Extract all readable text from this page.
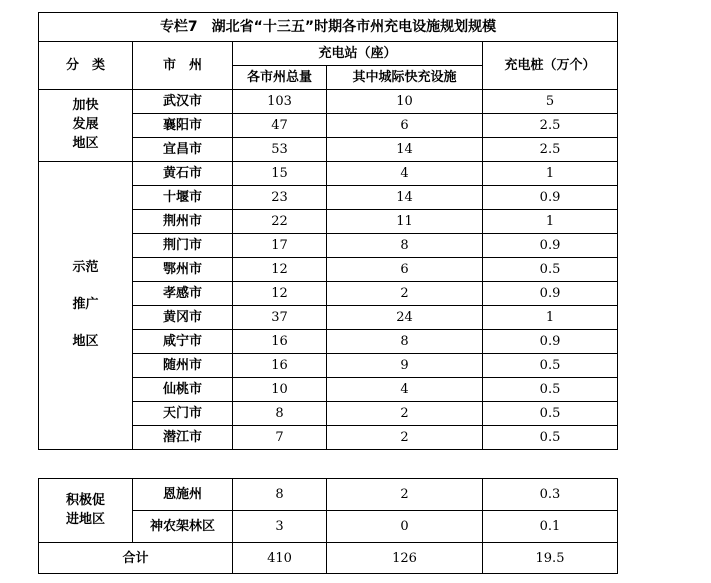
专栏7　湖北省“十三五”时期各市州充电设施规划规模				
分　类	市　州	充电站（座）		充电桩（万个）
		各市州总量	其中城际快充设施	

加快
发展
地区	武汉市	103	10	5
	襄阳市	47	6	2.5
	宜昌市	53	14	2.5

示范
推广
地区	黄石市	15	4	1
	十堰市	23	14	0.9
	荆州市	22	11	1
	荆门市	17	8	0.9
	鄂州市	12	6	0.5
	孝感市	12	2	0.9
	黄冈市	37	24	1
	咸宁市	16	8	0.9
	随州市	16	9	0.5
	仙桃市	10	4	0.5
	天门市	8	2	0.5
	潜江市	7	2	0.5
积极促
进地区	恩施州	8	2	0.3
	神农架林区	3	0	0.1
合计		410	126	19.5
